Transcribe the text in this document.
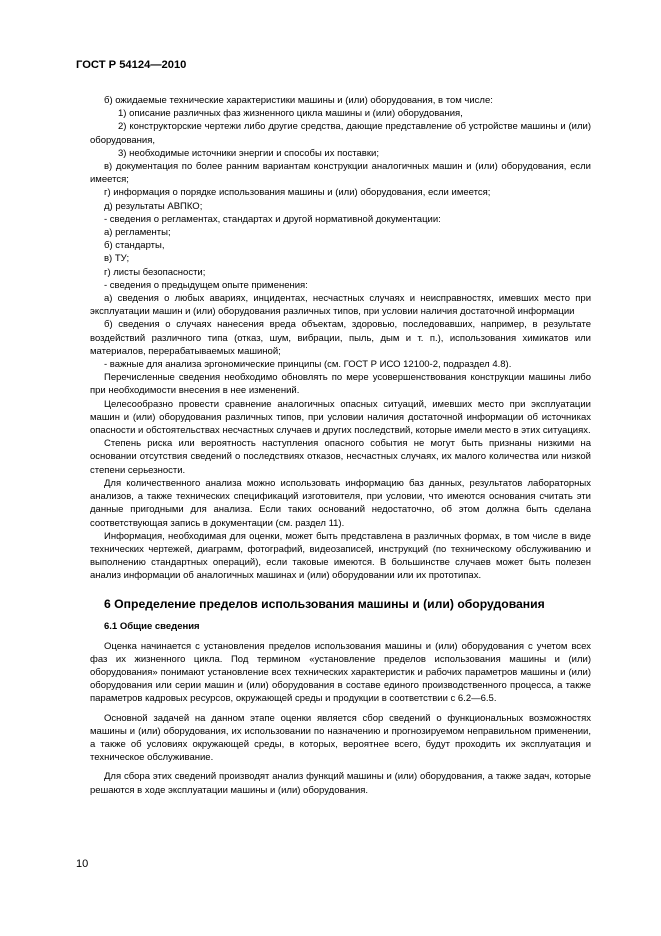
ГОСТ Р 54124—2010

б) ожидаемые технические характеристики машины и (или) оборудования, в том числе:

1) описание различных фаз жизненного цикла машины и (или) оборудования,

2) конструкторские чертежи либо другие средства, дающие представление об устройстве машины и (или) оборудования,

3) необходимые источники энергии и способы их поставки;

в) документация по более ранним вариантам конструкции аналогичных машин и (или) оборудования, если имеется;

г) информация о порядке использования машины и (или) оборудования, если имеется;

д) результаты АВПКО;

- сведения о регламентах, стандартах и другой нормативной документации:

а) регламенты;

б) стандарты,

в) ТУ;

г) листы безопасности;

- сведения о предыдущем опыте применения:

а) сведения о любых авариях, инцидентах, несчастных случаях и неисправностях, имевших место при эксплуатации машин и (или) оборудования различных типов, при условии наличия достаточной информации

б) сведения о случаях нанесения вреда объектам, здоровью, последовавших, например, в результате воздействий различного типа (отказ, шум, вибрации, пыль, дым и т. п.), использования химикатов или материалов, перерабатываемых машиной;

- важные для анализа эргономические принципы (см. ГОСТ Р ИСО 12100-2, подраздел 4.8).

Перечисленные сведения необходимо обновлять по мере усовершенствования конструкции машины либо при необходимости внесения в нее изменений.

Целесообразно провести сравнение аналогичных опасных ситуаций, имевших место при эксплуатации машин и (или) оборудования различных типов, при условии наличия достаточной информации об источниках опасности и обстоятельствах несчастных случаев и других последствий, которые имели место в этих ситуациях.

Степень риска или вероятность наступления опасного события не могут быть признаны низкими на основании отсутствия сведений о последствиях отказов, несчастных случаях, их малого количества или низкой степени серьезности.

Для количественного анализа можно использовать информацию баз данных, результатов лабораторных анализов, а также технических спецификаций изготовителя, при условии, что имеются основания считать эти данные пригодными для анализа. Если таких оснований недостаточно, об этом должна быть сделана соответствующая запись в документации (см. раздел 11).

Информация, необходимая для оценки, может быть представлена в различных формах, в том числе в виде технических чертежей, диаграмм, фотографий, видеозаписей, инструкций (по техническому обслуживанию и выполнению стандартных операций), если таковые имеются. В большинстве случаев может быть полезен анализ информации об аналогичных машинах и (или) оборудовании или их прототипах.

6 Определение пределов использования машины и (или) оборудования
6.1 Общие сведения

Оценка начинается с установления пределов использования машины и (или) оборудования с учетом всех фаз их жизненного цикла. Под термином «установление пределов использования машины и (или) оборудования» понимают установление всех технических характеристик и рабочих параметров машины и (или) оборудования или серии машин и (или) оборудования в составе единого производственного процесса, а также параметров кадровых ресурсов, окружающей среды и продукции в соответствии с 6.2—6.5.

Основной задачей на данном этапе оценки является сбор сведений о функциональных возможностях машины и (или) оборудования, их использовании по назначению и прогнозируемом неправильном применении, а также об условиях окружающей среды, в которых, вероятнее всего, будут проходить их эксплуатация и техническое обслуживание.

Для сбора этих сведений производят анализ функций машины и (или) оборудования, а также задач, которые решаются в ходе эксплуатации машины и (или) оборудования.

10
